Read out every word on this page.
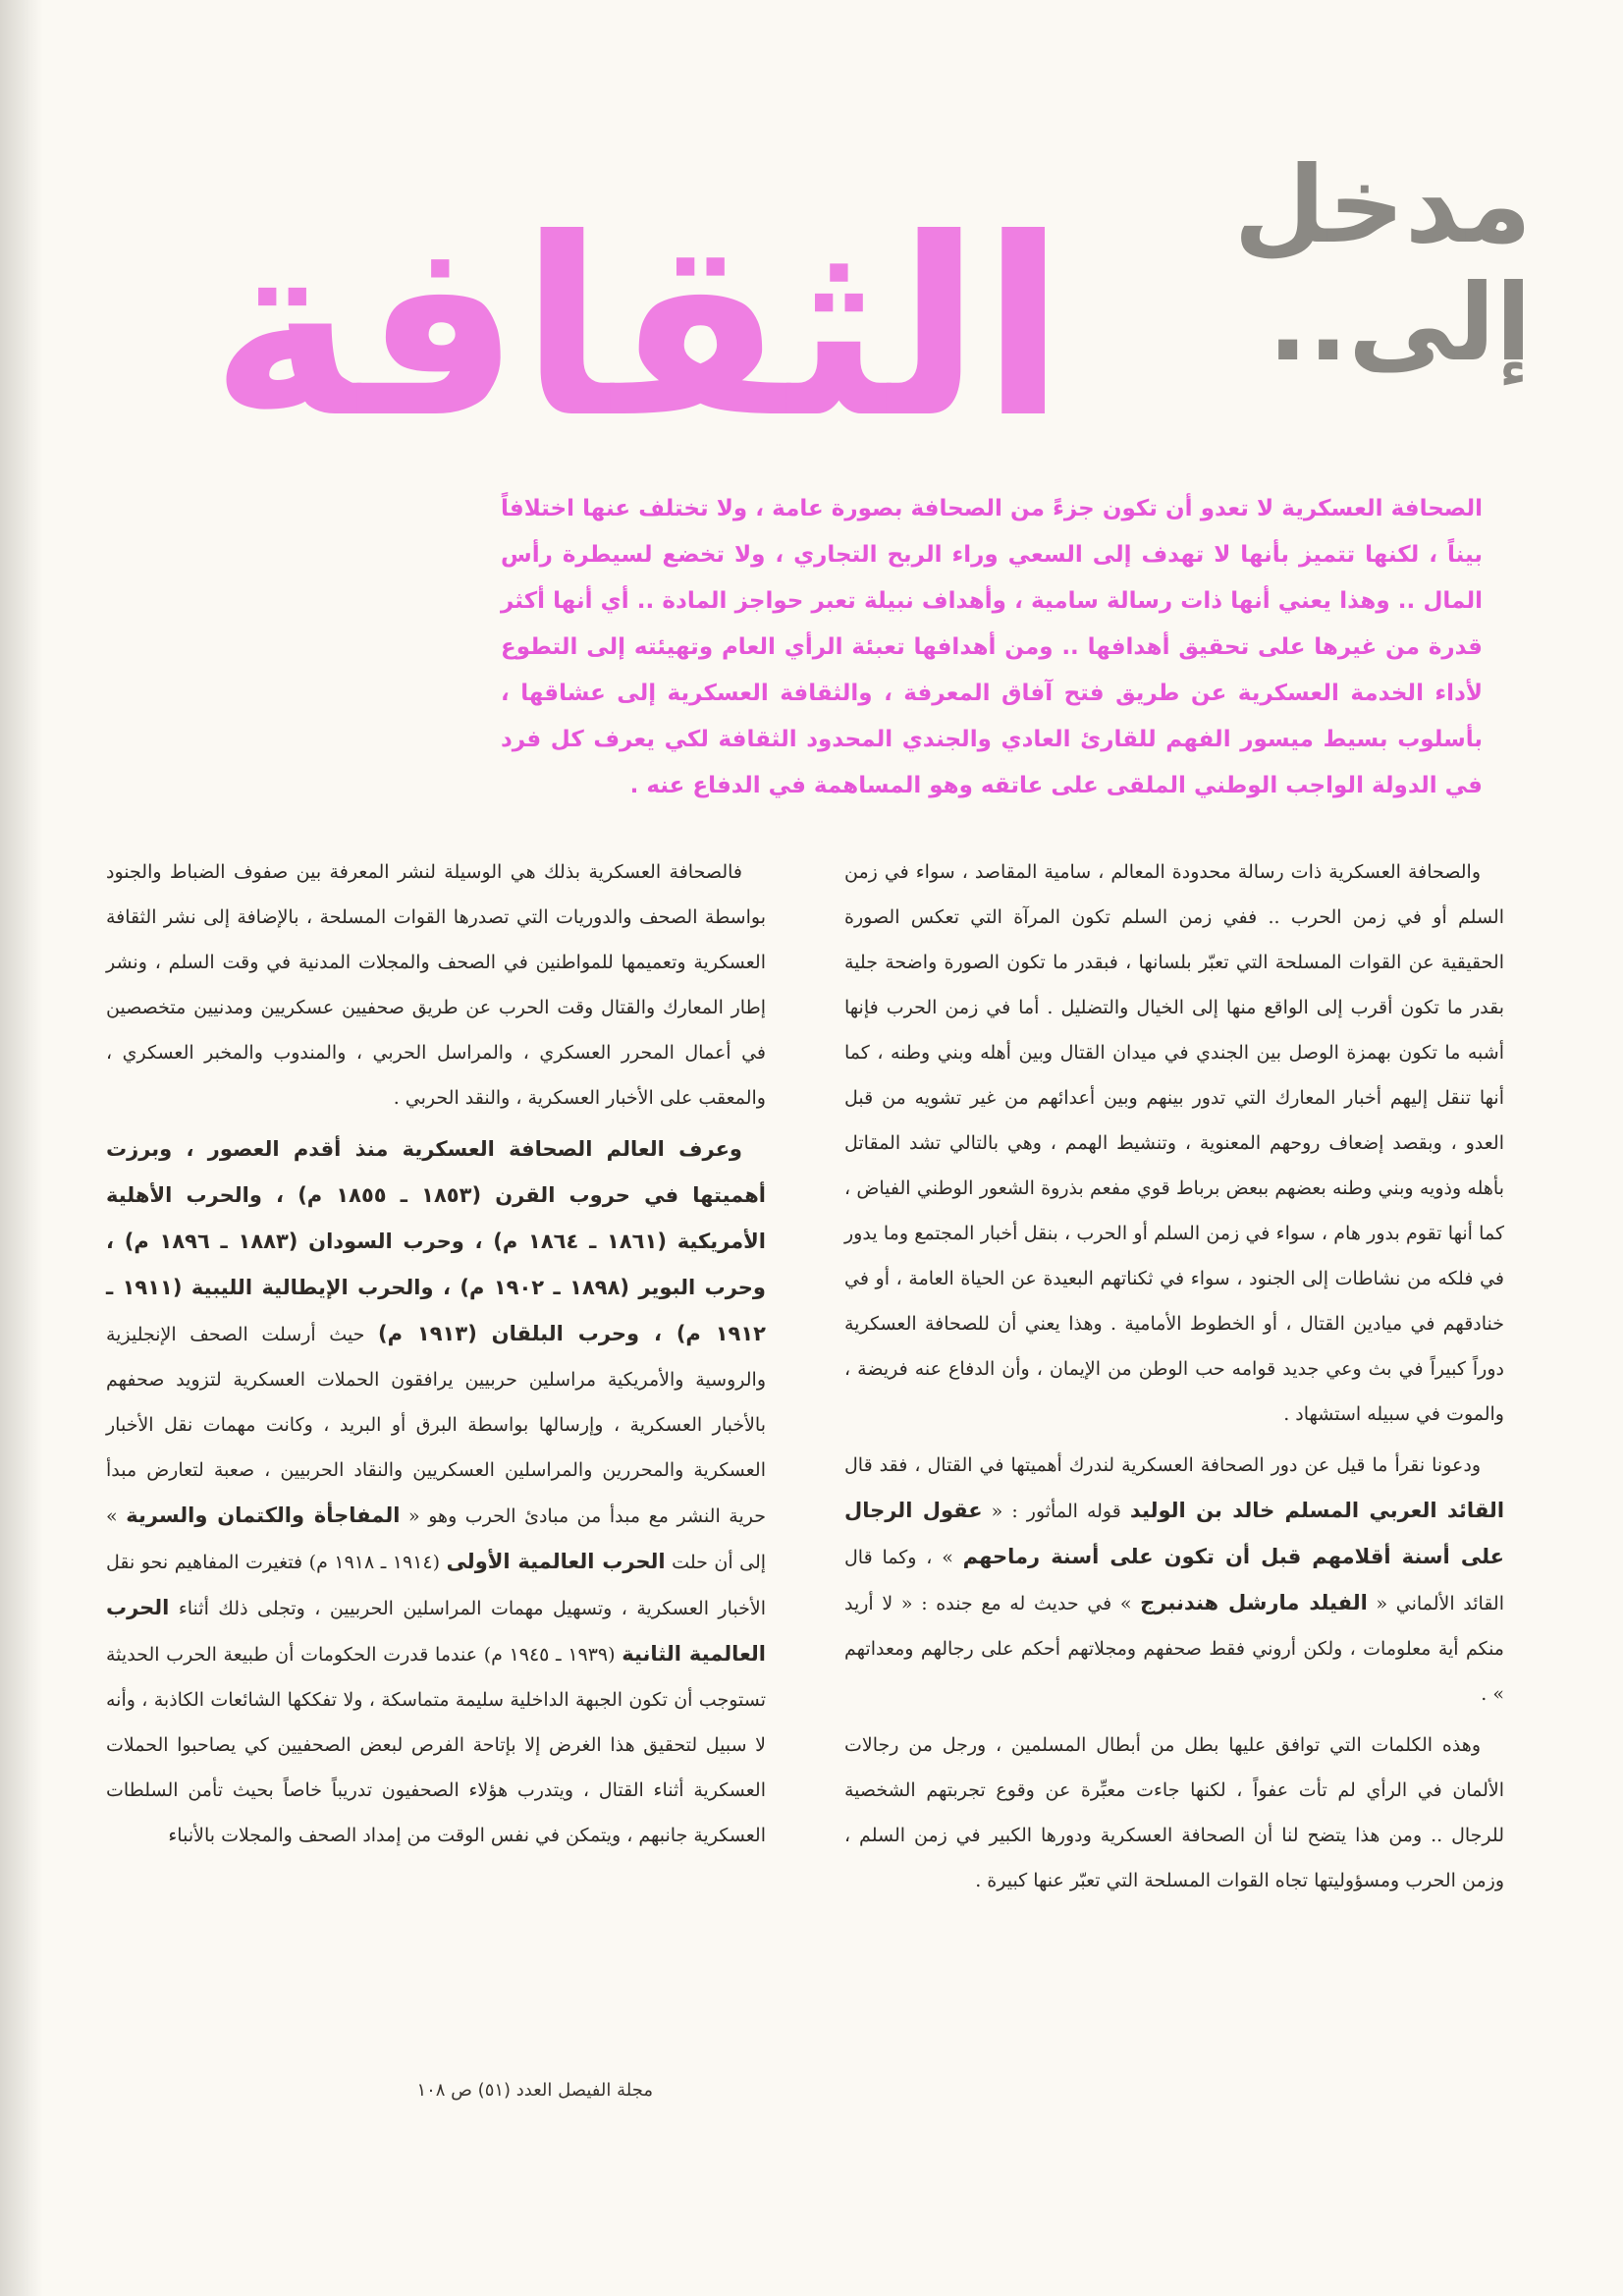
مدخل
إلى..
الثقافة
الصحافة العسكرية لا تعدو أن تكون جزءً من الصحافة بصورة عامة ، ولا تختلف عنها اختلافاً بيناً ، لكنها تتميز بأنها لا تهدف إلى السعي وراء الربح التجاري ، ولا تخضع لسيطرة رأس المال .. وهذا يعني أنها ذات رسالة سامية ، وأهداف نبيلة تعبر حواجز المادة .. أي أنها أكثر قدرة من غيرها على تحقيق أهدافها .. ومن أهدافها تعبئة الرأي العام وتهيئته إلى التطوع لأداء الخدمة العسكرية عن طريق فتح آفاق المعرفة ، والثقافة العسكرية إلى عشاقها ، بأسلوب بسيط ميسور الفهم للقارئ العادي والجندي المحدود الثقافة لكي يعرف كل فرد في الدولة الواجب الوطني الملقى على عاتقه وهو المساهمة في الدفاع عنه .

والصحافة العسكرية ذات رسالة محدودة المعالم ، سامية المقاصد ، سواء في زمن السلم أو في زمن الحرب .. ففي زمن السلم تكون المرآة التي تعكس الصورة الحقيقية عن القوات المسلحة التي تعبّر بلسانها ، فبقدر ما تكون الصورة واضحة جلية بقدر ما تكون أقرب إلى الواقع منها إلى الخيال والتضليل . أما في زمن الحرب فإنها أشبه ما تكون بهمزة الوصل بين الجندي في ميدان القتال وبين أهله وبني وطنه ، كما أنها تنقل إليهم أخبار المعارك التي تدور بينهم وبين أعدائهم من غير تشويه من قبل العدو ، وبقصد إضعاف روحهم المعنوية ، وتنشيط الهمم ، وهي بالتالي تشد المقاتل بأهله وذويه وبني وطنه بعضهم ببعض برباط قوي مفعم بذروة الشعور الوطني الفياض ، كما أنها تقوم بدور هام ، سواء في زمن السلم أو الحرب ، بنقل أخبار المجتمع وما يدور في فلكه من نشاطات إلى الجنود ، سواء في ثكناتهم البعيدة عن الحياة العامة ، أو في خنادقهم في ميادين القتال ، أو الخطوط الأمامية . وهذا يعني أن للصحافة العسكرية دوراً كبيراً في بث وعي جديد قوامه حب الوطن من الإيمان ، وأن الدفاع عنه فريضة ، والموت في سبيله استشهاد .

ودعونا نقرأ ما قيل عن دور الصحافة العسكرية لندرك أهميتها في القتال ، فقد قال القائد العربي المسلم خالد بن الوليد قوله المأثور : « عقول الرجال على أسنة أقلامهم قبل أن تكون على أسنة رماحهم » ، وكما قال القائد الألماني « الفيلد مارشل هندنبرج » في حديث له مع جنده : « لا أريد منكم أية معلومات ، ولكن أروني فقط صحفهم ومجلاتهم أحكم على رجالهم ومعداتهم » .

وهذه الكلمات التي توافق عليها بطل من أبطال المسلمين ، ورجل من رجالات الألمان في الرأي لم تأت عفواً ، لكنها جاءت معبِّرة عن وقوع تجربتهم الشخصية للرجال .. ومن هذا يتضح لنا أن الصحافة العسكرية ودورها الكبير في زمن السلم ، وزمن الحرب ومسؤوليتها تجاه القوات المسلحة التي تعبّر عنها كبيرة .

فالصحافة العسكرية بذلك هي الوسيلة لنشر المعرفة بين صفوف الضباط والجنود بواسطة الصحف والدوريات التي تصدرها القوات المسلحة ، بالإضافة إلى نشر الثقافة العسكرية وتعميمها للمواطنين في الصحف والمجلات المدنية في وقت السلم ، ونشر إطار المعارك والقتال وقت الحرب عن طريق صحفيين عسكريين ومدنيين متخصصين في أعمال المحرر العسكري ، والمراسل الحربي ، والمندوب والمخبر العسكري ، والمعقب على الأخبار العسكرية ، والنقد الحربي .

وعرف العالم الصحافة العسكرية منذ أقدم العصور ، وبرزت أهميتها في حروب القرن (١٨٥٣ ـ ١٨٥٥ م) ، والحرب الأهلية الأمريكية (١٨٦١ ـ ١٨٦٤ م) ، وحرب السودان (١٨٨٣ ـ ١٨٩٦ م) ، وحرب البوير (١٨٩٨ ـ ١٩٠٢ م) ، والحرب الإيطالية الليبية (١٩١١ ـ ١٩١٢ م) ، وحرب البلقان (١٩١٣ م) حيث أرسلت الصحف الإنجليزية والروسية والأمريكية مراسلين حربيين يرافقون الحملات العسكرية لتزويد صحفهم بالأخبار العسكرية ، وإرسالها بواسطة البرق أو البريد ، وكانت مهمات نقل الأخبار العسكرية والمحررين والمراسلين العسكريين والنقاد الحربيين ، صعبة لتعارض مبدأ حرية النشر مع مبدأ من مبادئ الحرب وهو « المفاجأة والكتمان والسرية » إلى أن حلت الحرب العالمية الأولى (١٩١٤ ـ ١٩١٨ م) فتغيرت المفاهيم نحو نقل الأخبار العسكرية ، وتسهيل مهمات المراسلين الحربيين ، وتجلى ذلك أثناء الحرب العالمية الثانية (١٩٣٩ ـ ١٩٤٥ م) عندما قدرت الحكومات أن طبيعة الحرب الحديثة تستوجب أن تكون الجبهة الداخلية سليمة متماسكة ، ولا تفككها الشائعات الكاذبة ، وأنه لا سبيل لتحقيق هذا الغرض إلا بإتاحة الفرص لبعض الصحفيين كي يصاحبوا الحملات العسكرية أثناء القتال ، ويتدرب هؤلاء الصحفيون تدريباً خاصاً بحيث تأمن السلطات العسكرية جانبهم ، ويتمكن في نفس الوقت من إمداد الصحف والمجلات بالأنباء

مجلة الفيصل العدد (٥١) ص ١٠٨
